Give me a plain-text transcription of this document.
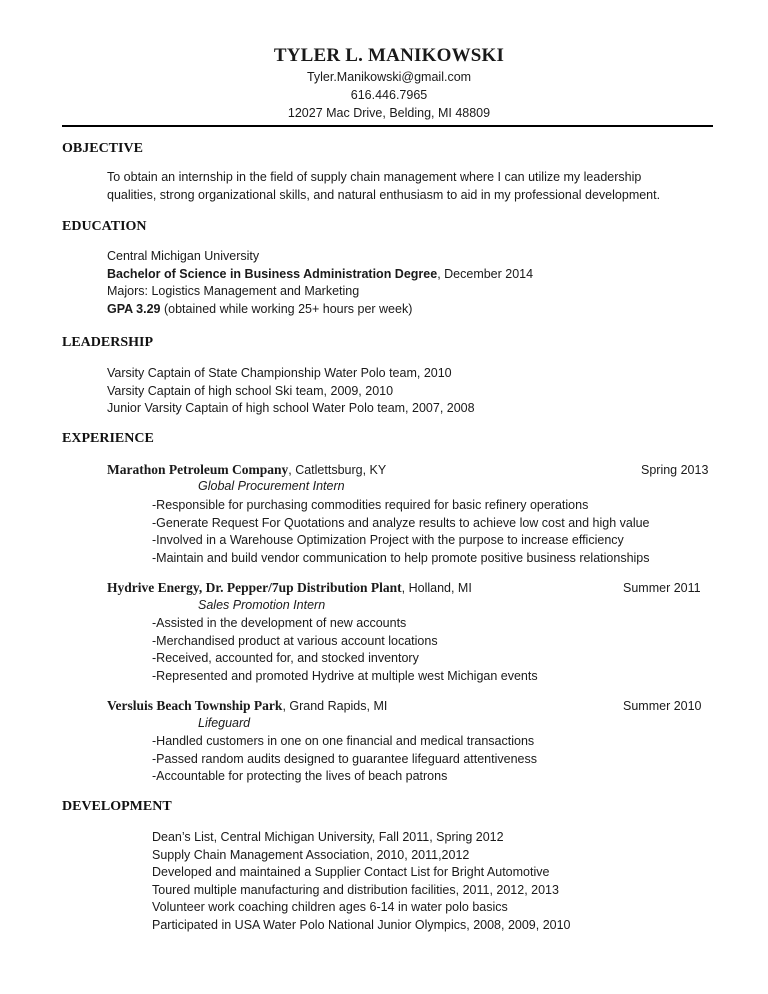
TYLER L. MANIKOWSKI
Tyler.Manikowski@gmail.com
616.446.7965
12027 Mac Drive, Belding, MI 48809
OBJECTIVE
To obtain an internship in the field of supply chain management where I can utilize my leadership
qualities, strong organizational skills, and natural enthusiasm to aid in my professional development.
EDUCATION
Central Michigan University
Bachelor of Science in Business Administration Degree, December 2014
Majors: Logistics Management and Marketing
GPA 3.29 (obtained while working 25+ hours per week)
LEADERSHIP
Varsity Captain of State Championship Water Polo team, 2010
Varsity Captain of high school Ski team, 2009, 2010
Junior Varsity Captain of high school Water Polo team, 2007, 2008
EXPERIENCE
Marathon Petroleum Company, Catlettsburg, KY	Spring 2013
Global Procurement Intern
-Responsible for purchasing commodities required for basic refinery operations
-Generate Request For Quotations and analyze results to achieve low cost and high value
-Involved in a Warehouse Optimization Project with the purpose to increase efficiency
-Maintain and build vendor communication to help promote positive business relationships
Hydrive Energy, Dr. Pepper/7up Distribution Plant, Holland, MI	Summer 2011
Sales Promotion Intern
-Assisted in the development of new accounts
-Merchandised product at various account locations
-Received, accounted for, and stocked inventory
-Represented and promoted Hydrive at multiple west Michigan events
Versluis Beach Township Park, Grand Rapids, MI	Summer 2010
Lifeguard
-Handled customers in one on one financial and medical transactions
-Passed random audits designed to guarantee lifeguard attentiveness
-Accountable for protecting the lives of beach patrons
DEVELOPMENT
Dean’s List, Central Michigan University, Fall 2011, Spring 2012
Supply Chain Management Association, 2010, 2011,2012
Developed and maintained a Supplier Contact List for Bright Automotive
Toured multiple manufacturing and distribution facilities, 2011, 2012, 2013
Volunteer work coaching children ages 6-14 in water polo basics
Participated in USA Water Polo National Junior Olympics, 2008, 2009, 2010
